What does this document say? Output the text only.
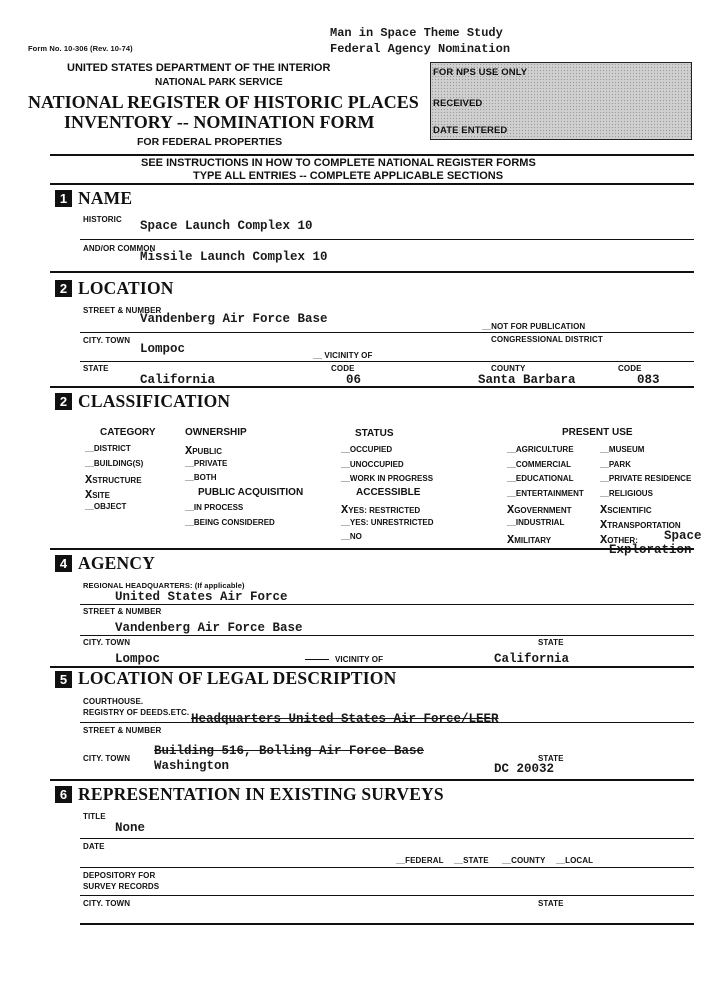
Form No. 10-306 (Rev. 10-74)
Man in Space Theme Study
Federal Agency Nomination
UNITED STATES DEPARTMENT OF THE INTERIOR
NATIONAL PARK SERVICE
NATIONAL REGISTER OF HISTORIC PLACES
INVENTORY -- NOMINATION FORM
FOR FEDERAL PROPERTIES
FOR NPS USE ONLY
RECEIVED
DATE ENTERED
SEE INSTRUCTIONS IN HOW TO COMPLETE NATIONAL REGISTER FORMS
TYPE ALL ENTRIES -- COMPLETE APPLICABLE SECTIONS
1 NAME
HISTORIC Space Launch Complex 10
AND/OR COMMON
Missile Launch Complex 10
2 LOCATION
STREET & NUMBER
Vandenberg Air Force Base
__NOT FOR PUBLICATION
CITY. TOWN	CONGRESSIONAL DISTRICT
Lompoc	__ VICINITY OF
STATE	CODE	COUNTY	CODE
California	06	Santa Barbara	083
2 CLASSIFICATION
CATEGORY	OWNERSHIP	STATUS	PRESENT USE
__DISTRICT
__BUILDING(S)
XSTRUCTURE
XSITE
__OBJECT
XPUBLIC
__PRIVATE
__BOTH
PUBLIC ACQUISITION
__IN PROCESS
__BEING CONSIDERED
__OCCUPIED
__UNOCCUPIED
__WORK IN PROGRESS
ACCESSIBLE
XYES: RESTRICTED
__YES: UNRESTRICTED
__NO
__AGRICULTURE
__COMMERCIAL
__EDUCATIONAL
__ENTERTAINMENT
XGOVERNMENT
__INDUSTRIAL
XMILITARY
__MUSEUM
__PARK
__PRIVATE RESIDENCE
__RELIGIOUS
XSCIENTIFIC
XTRANSPORTATION
XOTHER: Space
Exploration
4 AGENCY
REGIONAL HEADQUARTERS: (If applicable)
United States Air Force
STREET & NUMBER
Vandenberg Air Force Base
CITY. TOWN	STATE
Lompoc	VICINITY OF	California
5 LOCATION OF LEGAL DESCRIPTION
COURTHOUSE.
REGISTRY OF DEEDS.ETC. Headquarters United States Air Force/LEER
STREET & NUMBER
Building 516, Bolling Air Force Base
CITY. TOWN	STATE
Washington	DC 20032
6 REPRESENTATION IN EXISTING SURVEYS
TITLE
None
DATE
__FEDERAL __STATE __COUNTY __LOCAL
DEPOSITORY FOR
SURVEY RECORDS
CITY. TOWN	STATE
